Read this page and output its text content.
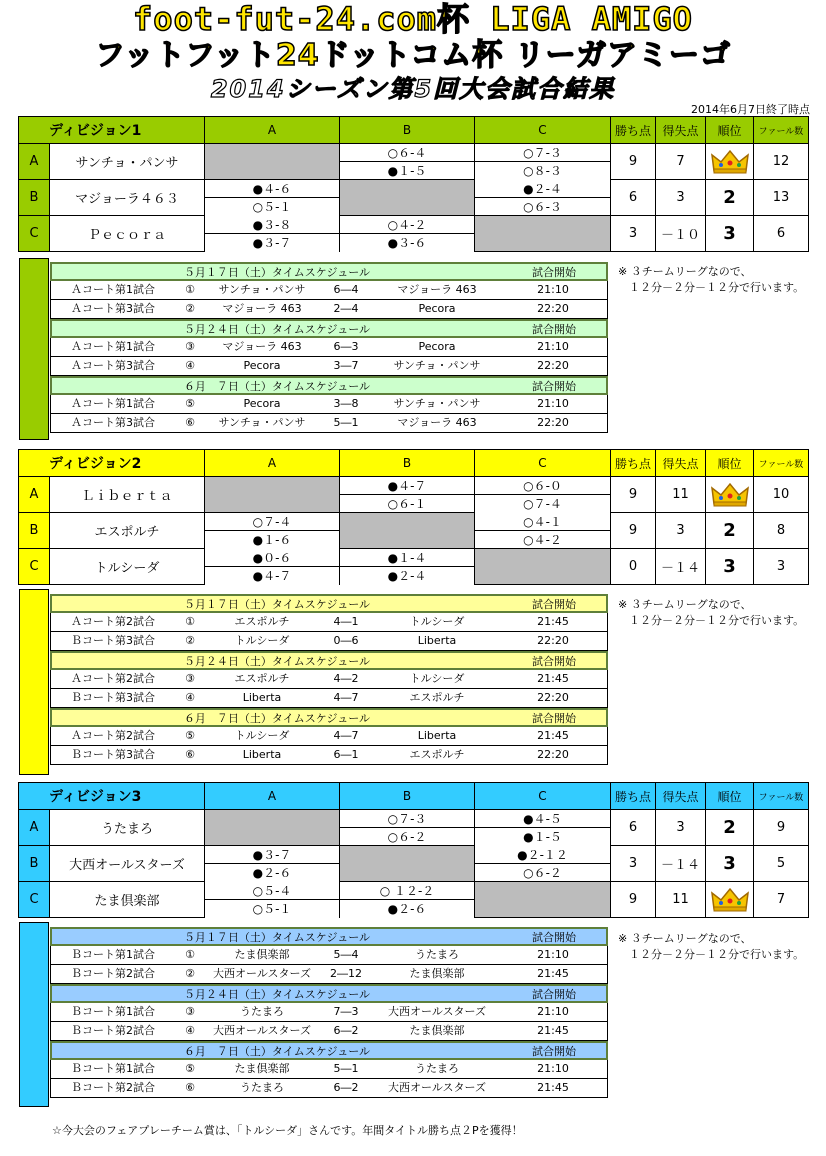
foot-fut-24.com杯 LIGA AMIGO
フットフット24ドットコム杯 リーガアミーゴ
2014シーズン第5回大会試合結果
2014年6月7日終了時点
ディビジョン1		A	B	C	勝ち点	得失点	順位	ファール数
A	サンチョ・パンサ		○６-４	○７-３	9	7		12
			●１-５	○８-３				
B	マジョーラ４６３	●４-６		●２-４	6	3	2	13
		○５-１		○６-３				
C	Ｐｅｃｏｒａ	●３-８	○４-２		3	－１０	3	6
		●３-７	●３-６					
５月１７日（土）タイムスケジュール	試合開始
Ａコート第1試合	①	サンチョ・パンサ	6―4	マジョーラ 463	21:10
Ａコート第3試合	②	マジョーラ 463	2―4	Pecora	22:20
５月２４日（土）タイムスケジュール	試合開始
Ａコート第1試合	③	マジョーラ 463	6―3	Pecora	21:10
Ａコート第3試合	④	Pecora	3―7	サンチョ・パンサ	22:20
６月　７日（土）タイムスケジュール	試合開始
Ａコート第1試合	⑤	Pecora	3―8	サンチョ・パンサ	21:10
Ａコート第3試合	⑥	サンチョ・パンサ	5―1	マジョーラ 463	22:20
※ ３チームリーグなので、
　１２分－２分－１２分で行います。
ディビジョン2		A	B	C	勝ち点	得失点	順位	ファール数
A	Ｌｉｂｅｒｔａ		●４-７	○６-０	9	11		10
			○６-１	○７-４				
B	エスポルチ	○７-４		○４-１	9	3	2	8
		●１-６		○４-２				
C	トルシーダ	●０-６	●１-４		0	－１４	3	3
		●４-７	●２-４					
５月１７日（土）タイムスケジュール	試合開始
Ａコート第2試合	①	エスポルチ	4―1	トルシーダ	21:45
Ｂコート第3試合	②	トルシーダ	0―6	Liberta	22:20
５月２４日（土）タイムスケジュール	試合開始
Ａコート第2試合	③	エスポルチ	4―2	トルシーダ	21:45
Ｂコート第3試合	④	Liberta	4―7	エスポルチ	22:20
６月　７日（土）タイムスケジュール	試合開始
Ａコート第2試合	⑤	トルシーダ	4―7	Liberta	21:45
Ｂコート第3試合	⑥	Liberta	6―1	エスポルチ	22:20
※ ３チームリーグなので、
　１２分－２分－１２分で行います。
ディビジョン3		A	B	C	勝ち点	得失点	順位	ファール数
A	うたまろ		○７-３	●４-５	6	3	2	9
			○６-２	●１-５				
B	大西オールスターズ	●３-７		●２-１２	3	－１４	3	5
		●２-６		○６-２				
C	たま倶楽部	○５-４	○ １２-２		9	11		7
		○５-１	●２-６					
５月１７日（土）タイムスケジュール	試合開始
Ｂコート第1試合	①	たま倶楽部	5―4	うたまろ	21:10
Ｂコート第2試合	②	大西オールスターズ	2―12	たま倶楽部	21:45
５月２４日（土）タイムスケジュール	試合開始
Ｂコート第1試合	③	うたまろ	7―3	大西オールスターズ	21:10
Ｂコート第2試合	④	大西オールスターズ	6―2	たま倶楽部	21:45
６月　７日（土）タイムスケジュール	試合開始
Ｂコート第1試合	⑤	たま倶楽部	5―1	うたまろ	21:10
Ｂコート第2試合	⑥	うたまろ	6―2	大西オールスターズ	21:45
※ ３チームリーグなので、
　１２分－２分－１２分で行います。
☆今大会のフェアプレーチーム賞は、「トルシーダ」さんです。年間タイトル勝ち点２Pを獲得！
